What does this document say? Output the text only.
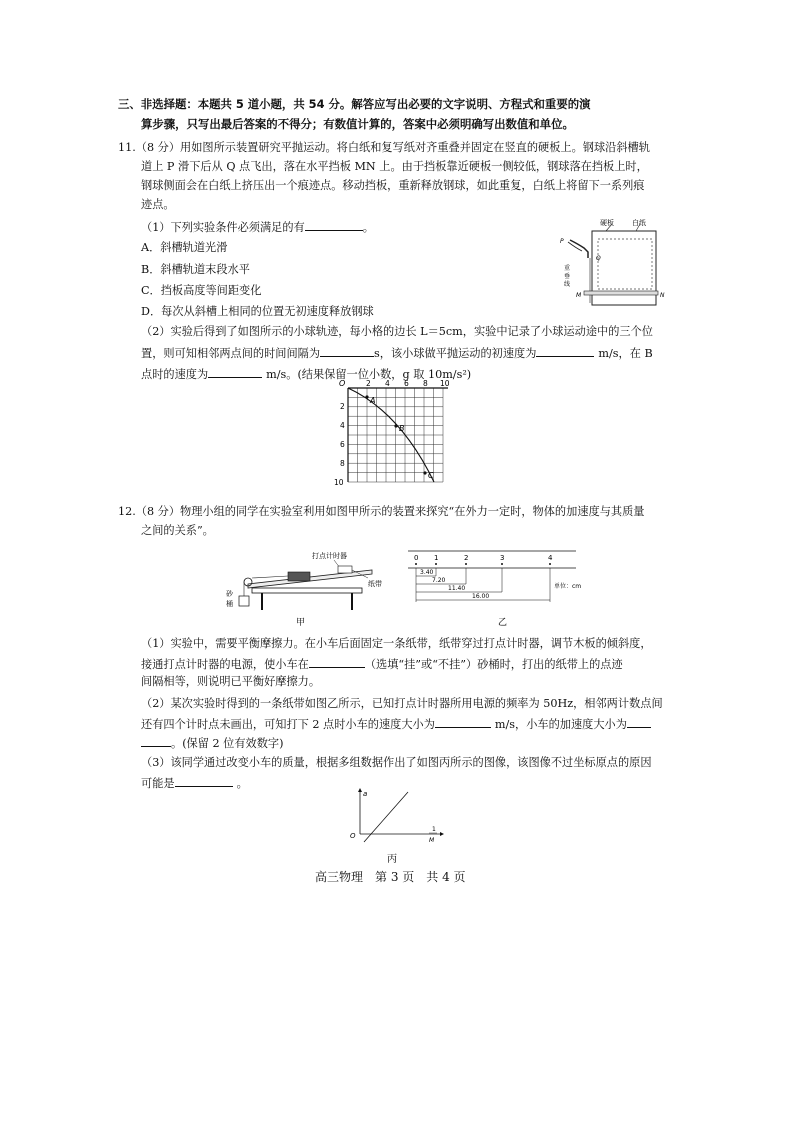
三、非选择题：本题共 5 道小题，共 54 分。解答应写出必要的文字说明、方程式和重要的演
算步骤，只写出最后答案的不得分；有数值计算的，答案中必须明确写出数值和单位。
11.（8 分）用如图所示装置研究平抛运动。将白纸和复写纸对齐重叠并固定在竖直的硬板上。钢球沿斜槽轨
道上 P 滑下后从 Q 点飞出，落在水平挡板 MN 上。由于挡板靠近硬板一侧较低，钢球落在挡板上时，
钢球侧面会在白纸上挤压出一个痕迹点。移动挡板，重新释放钢球，如此重复，白纸上将留下一系列痕
迹点。
（1）下列实验条件必须满足的有	。
A．斜槽轨道光滑
B．斜槽轨道末段水平
C．挡板高度等间距变化
D．每次从斜槽上相同的位置无初速度释放钢球
硬板	白纸
P
Q
重
垂
线
M	N
（2）实验后得到了如图所示的小球轨迹，每小格的边长 L＝5cm，实验中记录了小球运动途中的三个位
置，则可知相邻两点间的时间间隔为	s，该小球做平抛运动的初速度为	m/s，在 B
点时的速度为	m/s。(结果保留一位小数，g 取 10m/s²)
O	2 4 6 8 10
2
4
6
8
10
A
B
C
12.（8 分）物理小组的同学在实验室利用如图甲所示的装置来探究“在外力一定时，物体的加速度与其质量
之间的关系”。
打点计时器
砂
桶
纸带
甲
0 1	2	3	4
3.40
7.20
11.40
16.00
单位：cm
乙
（1）实验中，需要平衡摩擦力。在小车后面固定一条纸带，纸带穿过打点计时器，调节木板的倾斜度，
接通打点计时器的电源，使小车在	（选填“挂”或“不挂”）砂桶时，打出的纸带上的点迹
间隔相等，则说明已平衡好摩擦力。
（2）某次实验时得到的一条纸带如图乙所示，已知打点计时器所用电源的频率为 50Hz，相邻两计数点间
还有四个计时点未画出，可知打下 2 点时小车的速度大小为	m/s，小车的加速度大小为
。(保留 2 位有效数字)
（3）该同学通过改变小车的质量，根据多组数据作出了如图丙所示的图像，该图像不过坐标原点的原因
可能是	。
a
O
1
M
丙
高三物理　第 3 页　共 4 页
